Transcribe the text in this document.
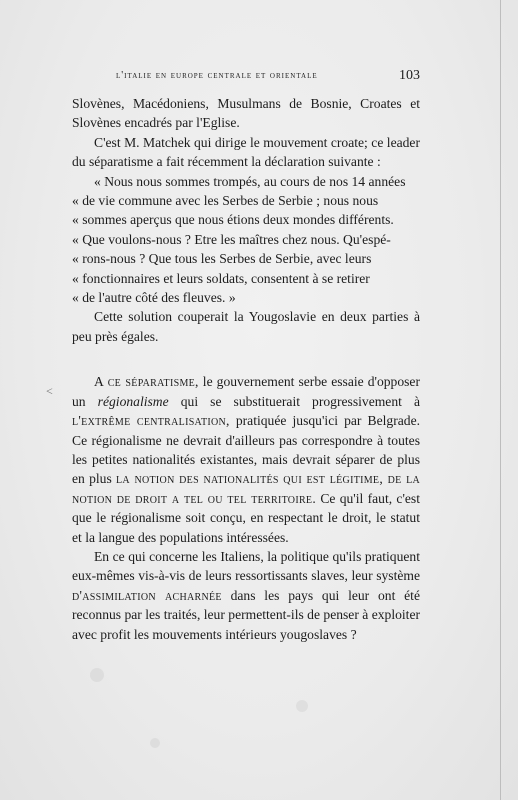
l'italie en europe centrale et orientale	103
<

Slovènes, Macédoniens, Musulmans de Bosnie, Croates et Slovènes encadrés par l'Eglise.

C'est M. Matchek qui dirige le mouvement croate; ce leader du séparatisme a fait récemment la déclaration suivante :

« Nous nous sommes trompés, au cours de nos 14 années

« de vie commune avec les Serbes de Serbie ; nous nous

« sommes aperçus que nous étions deux mondes différents.

« Que voulons-nous ? Etre les maîtres chez nous. Qu'espé-

« rons-nous ? Que tous les Serbes de Serbie, avec leurs

« fonctionnaires et leurs soldats, consentent à se retirer

« de l'autre côté des fleuves. »

Cette solution couperait la Yougoslavie en deux parties à peu près égales.

A ce séparatisme, le gouvernement serbe essaie d'opposer un régionalisme qui se substituerait progressivement à l'extrême centralisation, pratiquée jusqu'ici par Belgrade. Ce régionalisme ne devrait d'ailleurs pas correspondre à toutes les petites nationalités existantes, mais devrait séparer de plus en plus la notion des nationalités qui est légitime, de la notion de droit a tel ou tel territoire. Ce qu'il faut, c'est que le régionalisme soit conçu, en respectant le droit, le statut et la langue des populations intéressées.

En ce qui concerne les Italiens, la politique qu'ils pratiquent eux-mêmes vis-à-vis de leurs ressortissants slaves, leur système d'assimilation acharnée dans les pays qui leur ont été reconnus par les traités, leur permettent-ils de penser à exploiter avec profit les mouvements intérieurs yougoslaves ?
